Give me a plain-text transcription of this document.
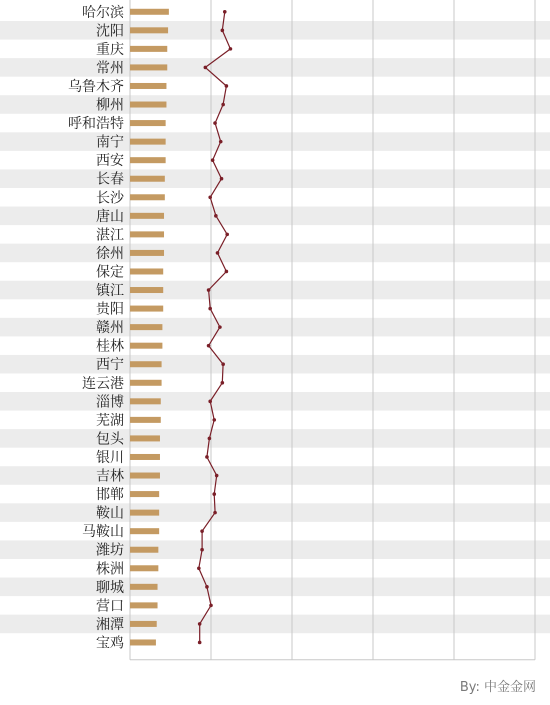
哈尔滨
沈阳
重庆
常州
乌鲁木齐
柳州
呼和浩特
南宁
西安
长春
长沙
唐山
湛江
徐州
保定
镇江
贵阳
赣州
桂林
西宁
连云港
淄博
芜湖
包头
银川
吉林
邯郸
鞍山
马鞍山
潍坊
株洲
聊城
营口
湘潭
宝鸡
By: 中金金网
